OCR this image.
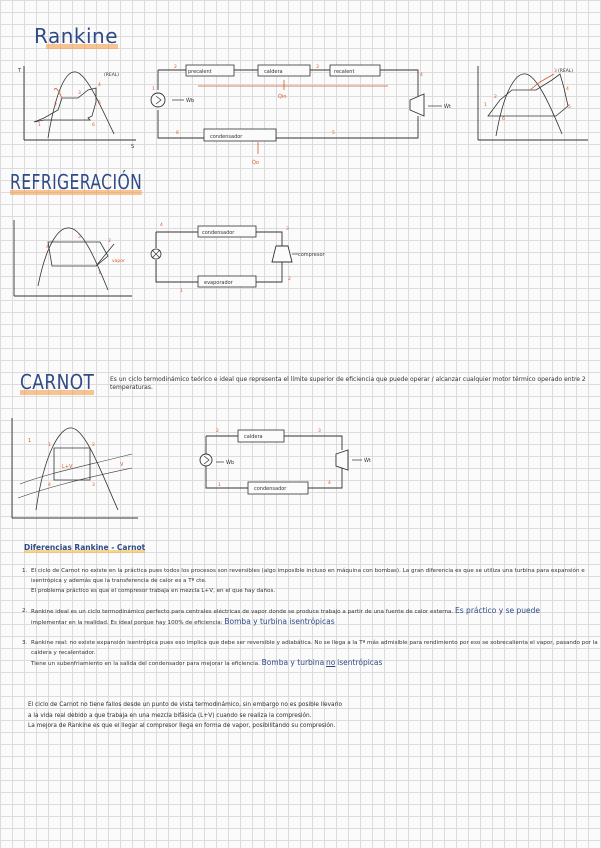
Rankine
T
S
(REAL)
1
2
3
4
5
6
precalent	caldera	recalent
condensador
Ẇb
Ẇt
Q̇in
Q̇o
1
2	3
4
5
6
(REAL)
1
2
3
4
5
6
REFRIGERACIÓN
vapor
4
3
2
1
condensador
evaporador
compresor
4
3
2
1
CARNOT	Es un ciclo termodinámico teórico e ideal que representa el límite superior de eficiencia que puede operar / alcanzar cualquier motor térmico operado entre 2 temperaturas.

1
L+V	V
1	2
3
4
caldera
condensador
Ẇb	Ẇt
2	3
4
1
Diferencias Rankine - Carnot
1. El ciclo de Carnot no existe en la práctica pues todos los procesos son reversibles (algo imposible incluso en máquina con bombas). La gran diferencia es que se utiliza una turbina para expansión e isentrópica y además que la transferencia de calor es a Tª cte.
El problema práctico es que el compresor trabaja en mezcla L+V, en el que hay daños.
2. Rankine ideal es un ciclo termodinámico perfecto para centrales eléctricas de vapor donde se produce trabajo a partir de una fuente de calor externa. Es práctico y se puede
implementar en la realidad. Es ideal porque hay 100% de eficiencia: Bomba y turbina isentrópicas
3. Rankine real: no existe expansión isentrópica pues eso implica que debe ser reversible y adiabática. No se llega a la Tª más admisible para rendimiento por eso se sobrecalienta el vapor, pasando por la caldera y recalentador.
Tiene un subenfriamiento en la salida del condensador para mejorar la eficiencia. Bomba y turbina no isentrópicas

El ciclo de Carnot no tiene fallos desde un punto de vista termodinámico, sin embargo no es posible llevarlo
a la vida real debido a que trabaja en una mezcla bifásica (L+V) cuando se realiza la compresión.
La mejora de Rankine es que el llegar al compresor llega en forma de vapor, posibilitando su compresión.
